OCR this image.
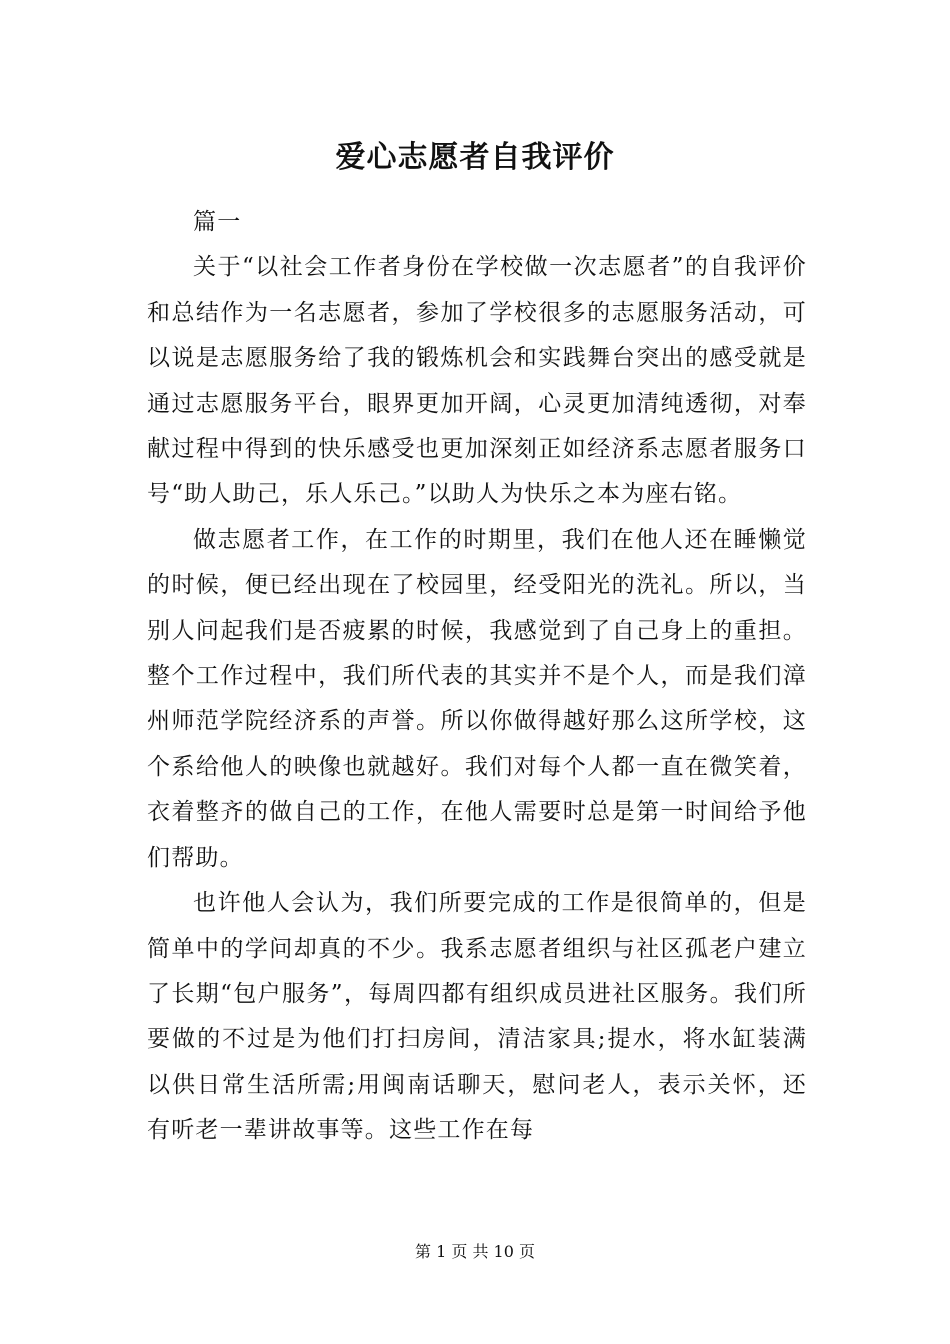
爱心志愿者自我评价

篇一

关于“以社会工作者身份在学校做一次志愿者”的自我评价和总结作为一名志愿者，参加了学校很多的志愿服务活动，可以说是志愿服务给了我的锻炼机会和实践舞台突出的感受就是通过志愿服务平台，眼界更加开阔，心灵更加清纯透彻，对奉献过程中得到的快乐感受也更加深刻正如经济系志愿者服务口号“助人助己，乐人乐己。”以助人为快乐之本为座右铭。

做志愿者工作，在工作的时期里，我们在他人还在睡懒觉的时候，便已经出现在了校园里，经受阳光的洗礼。所以，当别人问起我们是否疲累的时候，我感觉到了自己身上的重担。整个工作过程中，我们所代表的其实并不是个人，而是我们漳州师范学院经济系的声誉。所以你做得越好那么这所学校，这个系给他人的映像也就越好。我们对每个人都一直在微笑着，衣着整齐的做自己的工作，在他人需要时总是第一时间给予他们帮助。

也许他人会认为，我们所要完成的工作是很简单的，但是简单中的学问却真的不少。我系志愿者组织与社区孤老户建立了长期“包户服务”，每周四都有组织成员进社区服务。我们所要做的不过是为他们打扫房间，清洁家具;提水，将水缸装满以供日常生活所需;用闽南话聊天，慰问老人，表示关怀，还有听老一辈讲故事等。这些工作在每

第 1 页 共 10 页
